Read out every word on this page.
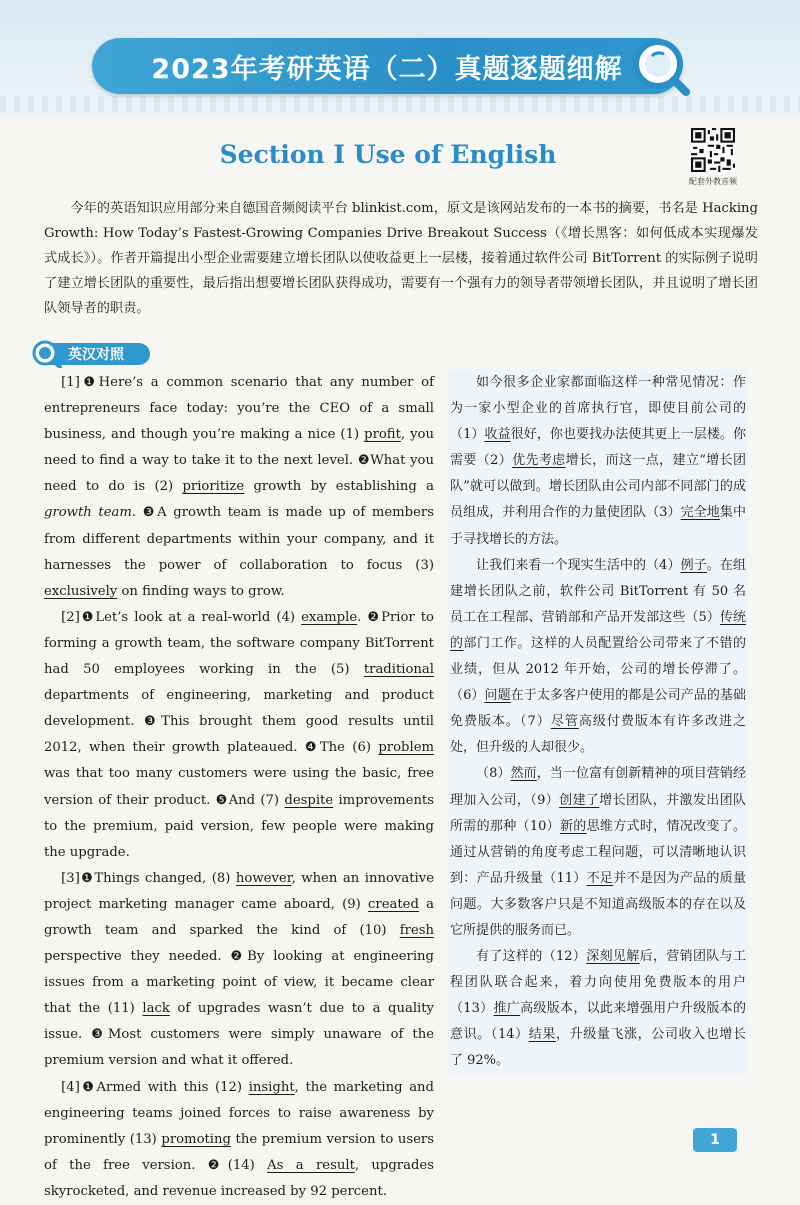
2023年考研英语（二）真题逐题细解
Section Ⅰ Use of English
配套外教音频

今年的英语知识应用部分来自德国音频阅读平台 blinkist.com，原文是该网站发布的一本书的摘要，书名是 Hacking Growth: How Today’s Fastest-Growing Companies Drive Breakout Success（《增长黑客：如何低成本实现爆发式成长》）。作者开篇提出小型企业需要建立增长团队以使收益更上一层楼，接着通过软件公司 BitTorrent 的实际例子说明了建立增长团队的重要性，最后指出想要增长团队获得成功，需要有一个强有力的领导者带领增长团队，并且说明了增长团队领导者的职责。

英汉对照

[1]❶Here’s a common scenario that any number of entrepreneurs face today: you’re the CEO of a small business, and though you’re making a nice (1) profit, you need to find a way to take it to the next level. ❷What you need to do is (2) prioritize growth by establishing a growth team. ❸A growth team is made up of members from different departments within your company, and it harnesses the power of collaboration to focus (3) exclusively on finding ways to grow.

[2]❶Let’s look at a real-world (4) example. ❷Prior to forming a growth team, the software company BitTorrent had 50 employees working in the (5) traditional departments of engineering, marketing and product development. ❸This brought them good results until 2012, when their growth plateaued. ❹The (6) problem was that too many customers were using the basic, free version of their product. ❺And (7) despite improvements to the premium, paid version, few people were making the upgrade.

[3]❶Things changed, (8) however, when an innovative project marketing manager came aboard, (9) created a growth team and sparked the kind of (10) fresh perspective they needed. ❷By looking at engineering issues from a marketing point of view, it became clear that the (11) lack of upgrades wasn’t due to a quality issue. ❸Most customers were simply unaware of the premium version and what it offered.

[4]❶Armed with this (12) insight, the marketing and engineering teams joined forces to raise awareness by prominently (13) promoting the premium version to users of the free version. ❷(14) As a result, upgrades skyrocketed, and revenue increased by 92 percent.

如今很多企业家都面临这样一种常见情况：作为一家小型企业的首席执行官，即使目前公司的（1）收益很好，你也要找办法使其更上一层楼。你需要（2）优先考虑增长，而这一点，建立“增长团队”就可以做到。增长团队由公司内部不同部门的成员组成，并利用合作的力量使团队（3）完全地集中于寻找增长的方法。

让我们来看一个现实生活中的（4）例子。在组建增长团队之前，软件公司 BitTorrent 有 50 名员工在工程部、营销部和产品开发部这些（5）传统的部门工作。这样的人员配置给公司带来了不错的业绩，但从 2012 年开始，公司的增长停滞了。（6）问题在于太多客户使用的都是公司产品的基础免费版本。（7）尽管高级付费版本有许多改进之处，但升级的人却很少。

（8）然而，当一位富有创新精神的项目营销经理加入公司，（9）创建了增长团队，并激发出团队所需的那种（10）新的思维方式时，情况改变了。通过从营销的角度考虑工程问题，可以清晰地认识到：产品升级量（11）不足并不是因为产品的质量问题。大多数客户只是不知道高级版本的存在以及它所提供的服务而已。

有了这样的（12）深刻见解后，营销团队与工程团队联合起来，着力向使用免费版本的用户（13）推广高级版本，以此来增强用户升级版本的意识。（14）结果，升级量飞涨，公司收入也增长了 92%。

1
